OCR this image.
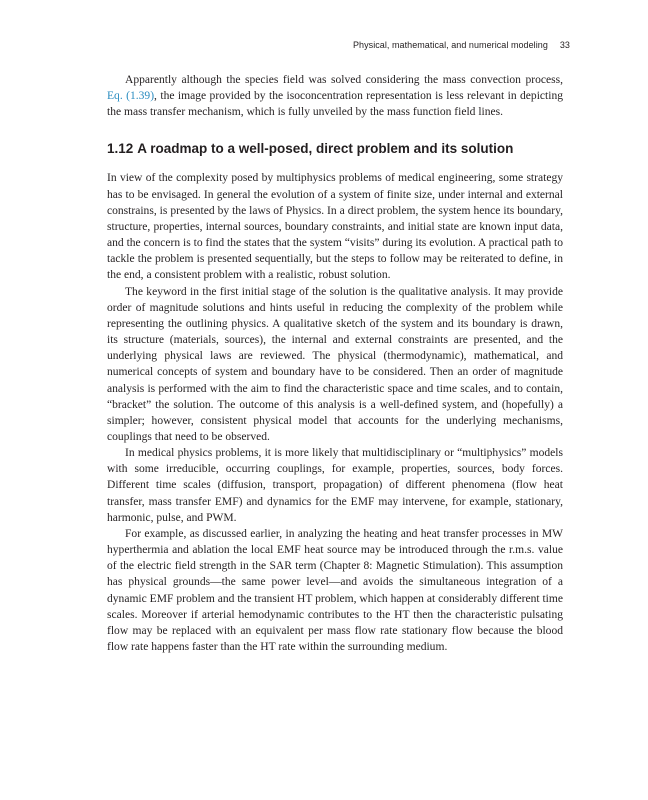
Physical, mathematical, and numerical modeling 33

Apparently although the species field was solved considering the mass convection process, Eq. (1.39), the image provided by the isoconcentration representation is less relevant in depicting the mass transfer mechanism, which is fully unveiled by the mass function field lines.

1.12 A roadmap to a well-posed, direct problem and its solution

In view of the complexity posed by multiphysics problems of medical engineering, some strategy has to be envisaged. In general the evolution of a system of finite size, under internal and external constrains, is presented by the laws of Physics. In a direct problem, the system hence its boundary, structure, properties, internal sources, boundary constraints, and initial state are known input data, and the concern is to find the states that the system “visits” during its evolution. A practical path to tackle the problem is presented sequentially, but the steps to follow may be reiterated to define, in the end, a consistent problem with a realistic, robust solution.

The keyword in the first initial stage of the solution is the qualitative analysis. It may provide order of magnitude solutions and hints useful in reducing the complexity of the problem while representing the outlining physics. A qualitative sketch of the system and its boundary is drawn, its structure (materials, sources), the internal and external constraints are presented, and the underlying physical laws are reviewed. The physical (thermodynamic), mathematical, and numerical concepts of system and boundary have to be considered. Then an order of magnitude analysis is performed with the aim to find the characteristic space and time scales, and to contain, “bracket” the solution. The outcome of this analysis is a well-defined system, and (hopefully) a simpler; however, consistent physical model that accounts for the underlying mechanisms, couplings that need to be observed.

In medical physics problems, it is more likely that multidisciplinary or “multiphysics” models with some irreducible, occurring couplings, for example, properties, sources, body forces. Different time scales (diffusion, transport, propagation) of different phenomena (flow heat transfer, mass transfer EMF) and dynamics for the EMF may intervene, for example, stationary, harmonic, pulse, and PWM.

For example, as discussed earlier, in analyzing the heating and heat transfer processes in MW hyperthermia and ablation the local EMF heat source may be introduced through the r.m.s. value of the electric field strength in the SAR term (Chapter 8: Magnetic Stimulation). This assumption has physical grounds—the same power level—and avoids the simultaneous integration of a dynamic EMF problem and the transient HT problem, which happen at considerably different time scales. Moreover if arterial hemodynamic contributes to the HT then the characteristic pulsating flow may be replaced with an equivalent per mass flow rate stationary flow because the blood flow rate happens faster than the HT rate within the surrounding medium.
